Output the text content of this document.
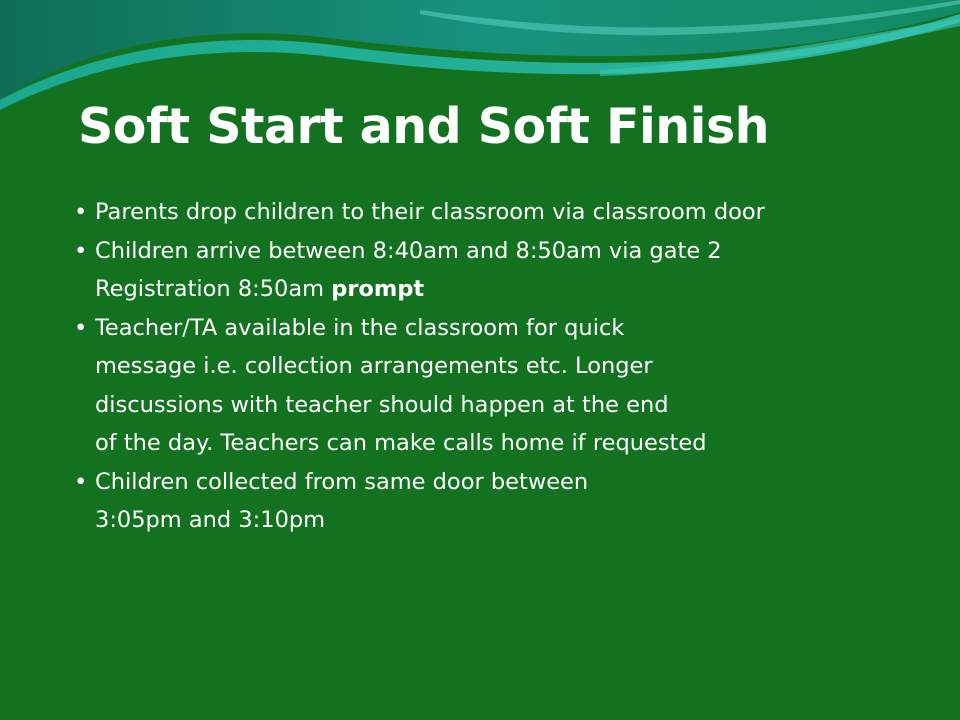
Soft Start and Soft Finish
• Parents drop children to their classroom via classroom door
• Children arrive between 8:40am and 8:50am via gate 2
Registration 8:50am prompt
• Teacher/TA available in the classroom for quick
message i.e. collection arrangements etc. Longer
discussions with teacher should happen at the end
of the day. Teachers can make calls home if requested
• Children collected from same door between
3:05pm and 3:10pm
